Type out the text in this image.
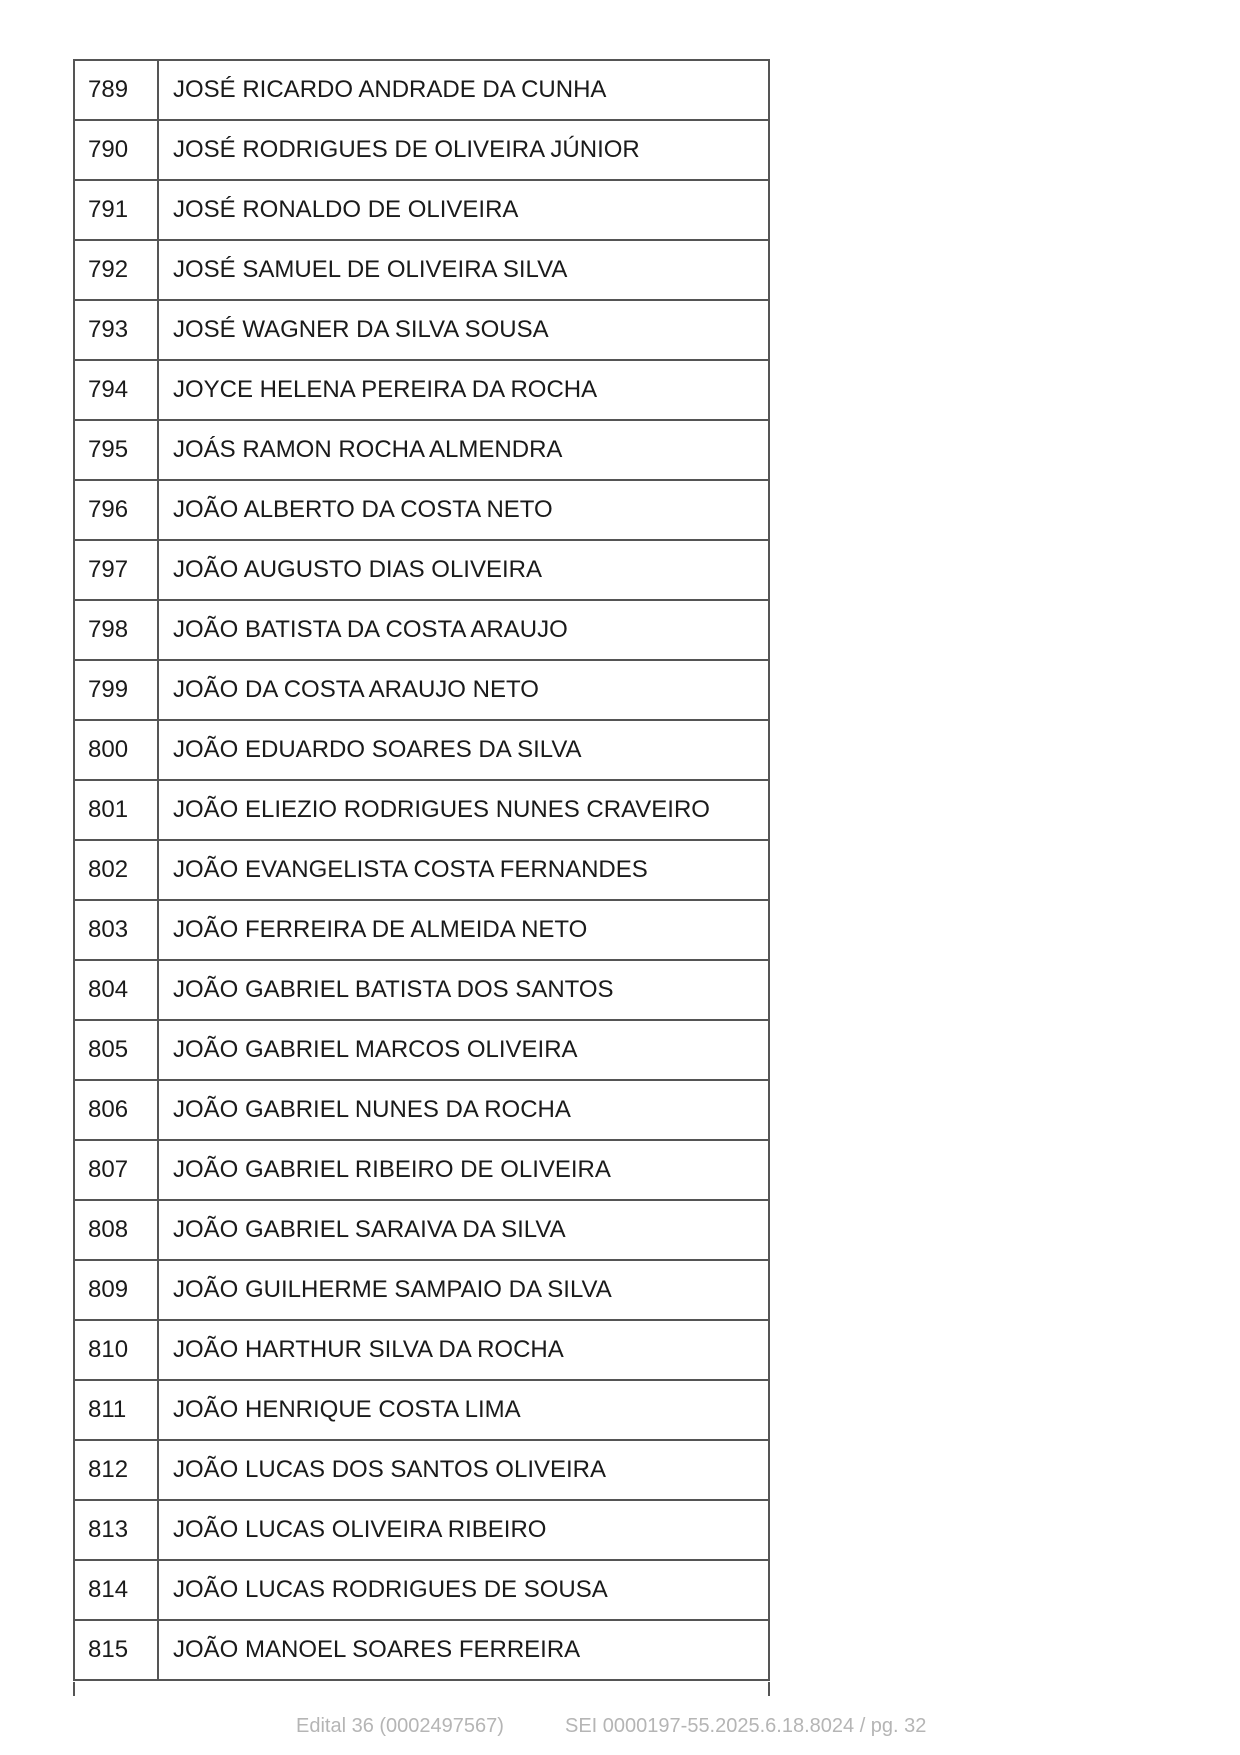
789	JOSÉ RICARDO ANDRADE DA CUNHA
790	JOSÉ RODRIGUES DE OLIVEIRA JÚNIOR
791	JOSÉ RONALDO DE OLIVEIRA
792	JOSÉ SAMUEL DE OLIVEIRA SILVA
793	JOSÉ WAGNER DA SILVA SOUSA
794	JOYCE HELENA PEREIRA DA ROCHA
795	JOÁS RAMON ROCHA ALMENDRA
796	JOÃO ALBERTO DA COSTA NETO
797	JOÃO AUGUSTO DIAS OLIVEIRA
798	JOÃO BATISTA DA COSTA ARAUJO
799	JOÃO DA COSTA ARAUJO NETO
800	JOÃO EDUARDO SOARES DA SILVA
801	JOÃO ELIEZIO RODRIGUES NUNES CRAVEIRO
802	JOÃO EVANGELISTA COSTA FERNANDES
803	JOÃO FERREIRA DE ALMEIDA NETO
804	JOÃO GABRIEL BATISTA DOS SANTOS
805	JOÃO GABRIEL MARCOS OLIVEIRA
806	JOÃO GABRIEL NUNES DA ROCHA
807	JOÃO GABRIEL RIBEIRO DE OLIVEIRA
808	JOÃO GABRIEL SARAIVA DA SILVA
809	JOÃO GUILHERME SAMPAIO DA SILVA
810	JOÃO HARTHUR SILVA DA ROCHA
811	JOÃO HENRIQUE COSTA LIMA
812	JOÃO LUCAS DOS SANTOS OLIVEIRA
813	JOÃO LUCAS OLIVEIRA RIBEIRO
814	JOÃO LUCAS RODRIGUES DE SOUSA
815	JOÃO MANOEL SOARES FERREIRA
Edital 36 (0002497567)	SEI 0000197-55.2025.6.18.8024 / pg. 32
